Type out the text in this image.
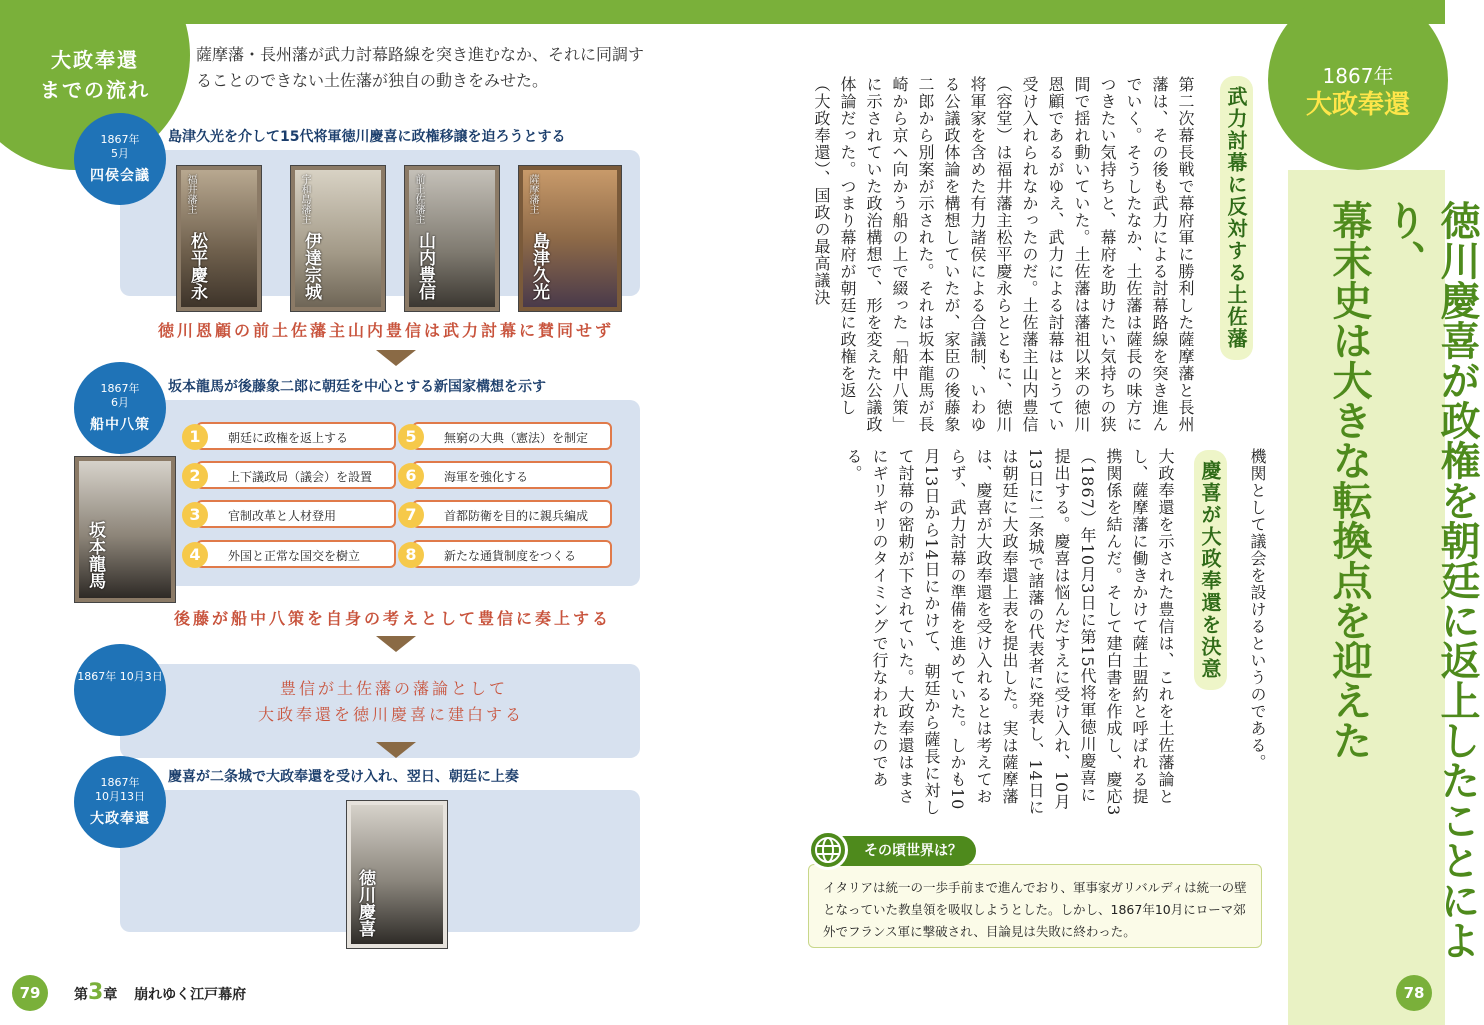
大政奉還
までの流れ
薩摩藩・長州藩が武力討幕路線を突き進むなか、それに同調することのできない土佐藩が独自の動きをみせた。
島津久光を介して15代将軍徳川慶喜に政権移譲を迫ろうとする
1867年
5月
四侯会議	福井藩主
松平慶永
宇和島藩主
伊達宗城
前土佐藩主
山内豊信
薩摩藩主
島津久光
徳川恩顧の前土佐藩主山内豊信は武力討幕に賛同せず
坂本龍馬が後藤象二郎に朝廷を中心とする新国家構想を示す
1867年
6月
船中八策
坂本龍馬
1	朝廷に政権を返上する
2	上下議政局（議会）を設置
3	官制改革と人材登用
4	外国と正常な国交を樹立
5	無窮の大典（憲法）を制定
6	海軍を強化する
7	首都防衛を目的に親兵編成
8	新たな通貨制度をつくる
後藤が船中八策を自身の考えとして豊信に奏上する
1867年 10月3日
豊信が土佐藩の藩論として
大政奉還を徳川慶喜に建白する
慶喜が二条城で大政奉還を受け入れ、翌日、朝廷に上奏
1867年
10月13日
大政奉還
徳川慶喜
79	第3章 崩れゆく江戸幕府
1867年
大政奉還
徳川慶喜が政権を朝廷に返上したことにより、
幕末史は大きな転換点を迎えた
武力討幕に反対する土佐藩
第二次幕長戦で幕府軍に勝利した薩摩藩と長州藩は、その後も武力による討幕路線を突き進んでいく。そうしたなか、土佐藩は薩長の味方につきたい気持ちと、幕府を助けたい気持ちの狭間で揺れ動いていた。土佐藩は藩祖以来の徳川恩顧であるがゆえ、武力による討幕はとうてい受け入れられなかったのだ。土佐藩主山内豊信（容堂）は福井藩主松平慶永らとともに、徳川将軍家を含めた有力諸侯による合議制、いわゆる公議政体論を構想していたが、家臣の後藤象二郎から別案が示された。それは坂本龍馬が長崎から京へ向かう船の上で綴った「船中八策」に示されていた政治構想で、形を変えた公議政体論だった。つまり幕府が朝廷に政権を返し（大政奉還）、国政の最高議決
機関として議会を設けるというのである。
慶喜が大政奉還を決意
大政奉還を示された豊信は、これを土佐藩論とし、薩摩藩に働きかけて薩土盟約と呼ばれる提携関係を結んだ。そして建白書を作成し、慶応3（1867）年10月3日に第15代将軍徳川慶喜に提出する。慶喜は悩んだすえに受け入れ、10月13日に二条城で諸藩の代表者に発表し、14日には朝廷に大政奉還上表を提出した。実は薩摩藩は、慶喜が大政奉還を受け入れるとは考えておらず、武力討幕の準備を進めていた。しかも10月13日から14日にかけて、朝廷から薩長に対して討幕の密勅が下されていた。大政奉還はまさにギリギリのタイミングで行なわれたのである。
イタリアは統一の一歩手前まで進んでおり、軍事家ガリバルディは統一の壁となっていた教皇領を吸収しようとした。しかし、1867年10月にローマ郊外でフランス軍に撃破され、目論見は失敗に終わった。
その頃世界は？
78
